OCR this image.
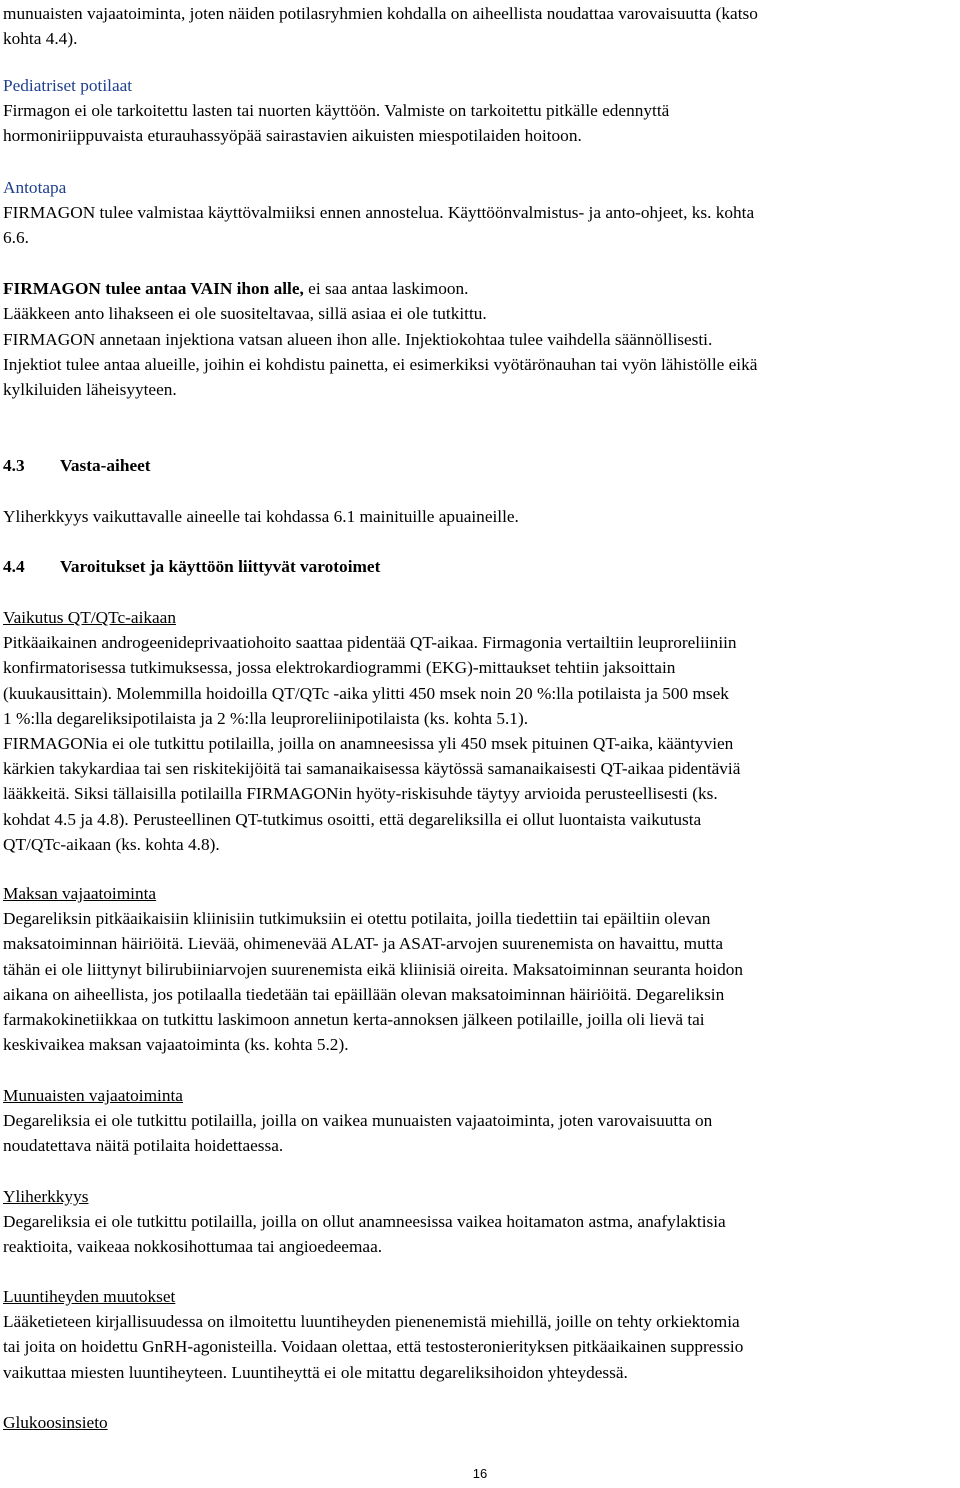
munuaisten vajaatoiminta, joten näiden potilasryhmien kohdalla on aiheellista noudattaa varovaisuutta (katso
kohta 4.4).

Pediatriset potilaat
Firmagon ei ole tarkoitettu lasten tai nuorten käyttöön. Valmiste on tarkoitettu pitkälle edennyttä
hormoniriippuvaista eturauhassyöpää sairastavien aikuisten miespotilaiden hoitoon.

Antotapa
FIRMAGON tulee valmistaa käyttövalmiiksi ennen annostelua. Käyttöönvalmistus- ja anto-ohjeet, ks. kohta
6.6.

FIRMAGON tulee antaa VAIN ihon alle, ei saa antaa laskimoon.
Lääkkeen anto lihakseen ei ole suositeltavaa, sillä asiaa ei ole tutkittu.

FIRMAGON annetaan injektiona vatsan alueen ihon alle. Injektiokohtaa tulee vaihdella säännöllisesti.
Injektiot tulee antaa alueille, joihin ei kohdistu painetta, ei esimerkiksi vyötärönauhan tai vyön lähistölle eikä
kylkiluiden läheisyyteen.

4.3 Vasta-aiheet

Yliherkkyys vaikuttavalle aineelle tai kohdassa 6.1 mainituille apuaineille.

4.4 Varoitukset ja käyttöön liittyvät varotoimet

Vaikutus QT/QTc-aikaan
Pitkäaikainen androgeenideprivaatiohoito saattaa pidentää QT-aikaa. Firmagonia vertailtiin leuproreliiniin
konfirmatorisessa tutkimuksessa, jossa elektrokardiogrammi (EKG)-mittaukset tehtiin jaksoittain
(kuukausittain). Molemmilla hoidoilla QT/QTc -aika ylitti 450 msek noin 20 %:lla potilaista ja 500 msek
1 %:lla degareliksipotilaista ja 2 %:lla leuproreliinipotilaista (ks. kohta 5.1).
FIRMAGONia ei ole tutkittu potilailla, joilla on anamneesissa yli 450 msek pituinen QT-aika, kääntyvien
kärkien takykardiaa tai sen riskitekijöitä tai samanaikaisessa käytössä samanaikaisesti QT-aikaa pidentäviä
lääkkeitä. Siksi tällaisilla potilailla FIRMAGONin hyöty-riskisuhde täytyy arvioida perusteellisesti (ks.
kohdat 4.5 ja 4.8). Perusteellinen QT-tutkimus osoitti, että degareliksilla ei ollut luontaista vaikutusta
QT/QTc-aikaan (ks. kohta 4.8).

Maksan vajaatoiminta
Degareliksin pitkäaikaisiin kliinisiin tutkimuksiin ei otettu potilaita, joilla tiedettiin tai epäiltiin olevan
maksatoiminnan häiriöitä. Lievää, ohimenevää ALAT- ja ASAT-arvojen suurenemista on havaittu, mutta
tähän ei ole liittynyt bilirubiiniarvojen suurenemista eikä kliinisiä oireita. Maksatoiminnan seuranta hoidon
aikana on aiheellista, jos potilaalla tiedetään tai epäillään olevan maksatoiminnan häiriöitä. Degareliksin
farmakokinetiikkaa on tutkittu laskimoon annetun kerta-annoksen jälkeen potilaille, joilla oli lievä tai
keskivaikea maksan vajaatoiminta (ks. kohta 5.2).

Munuaisten vajaatoiminta
Degareliksia ei ole tutkittu potilailla, joilla on vaikea munuaisten vajaatoiminta, joten varovaisuutta on
noudatettava näitä potilaita hoidettaessa.

Yliherkkyys
Degareliksia ei ole tutkittu potilailla, joilla on ollut anamneesissa vaikea hoitamaton astma, anafylaktisia
reaktioita, vaikeaa nokkosihottumaa tai angioedeemaa.

Luuntiheyden muutokset
Lääketieteen kirjallisuudessa on ilmoitettu luuntiheyden pienenemistä miehillä, joille on tehty orkiektomia
tai joita on hoidettu GnRH-agonisteilla. Voidaan olettaa, että testosteronierityksen pitkäaikainen suppressio
vaikuttaa miesten luuntiheyteen. Luuntiheyttä ei ole mitattu degareliksihoidon yhteydessä.

Glukoosinsieto

16
